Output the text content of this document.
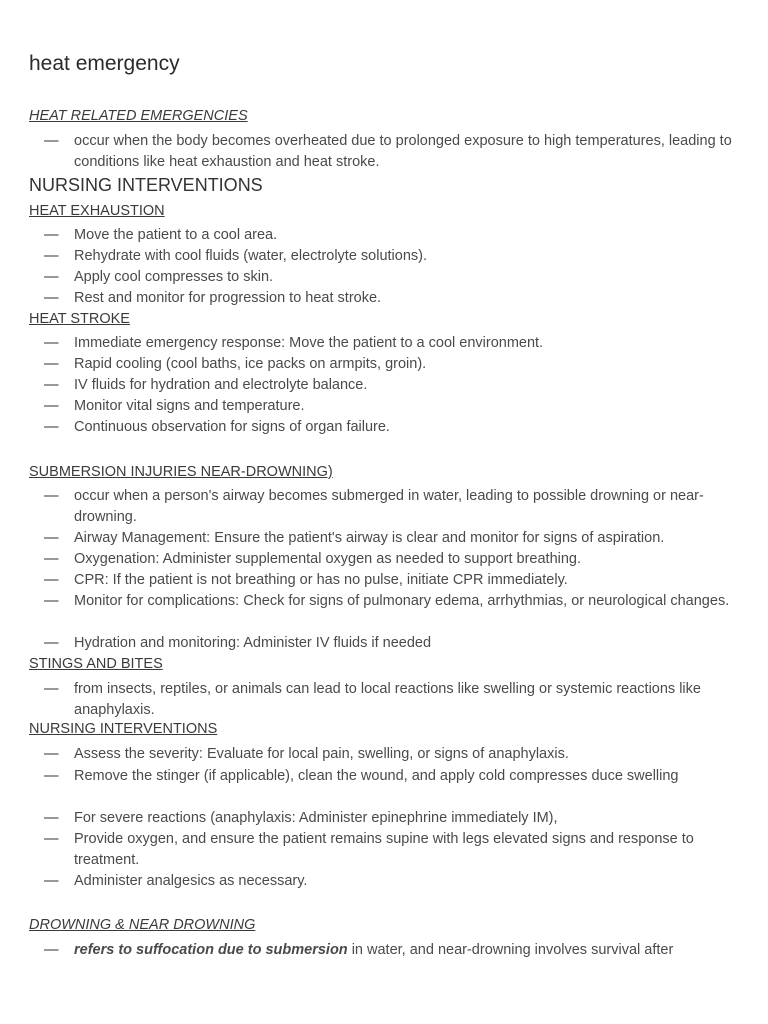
heat emergency
HEAT RELATED EMERGENCIES
—	occur when the body becomes overheated due to prolonged exposure to high temperatures, leading to conditions like heat exhaustion and heat stroke.
NURSING INTERVENTIONS
HEAT EXHAUSTION
—	Move the patient to a cool area.
—	Rehydrate with cool fluids (water, electrolyte solutions).
—	Apply cool compresses to skin.
—	Rest and monitor for progression to heat stroke.
HEAT STROKE
—	Immediate emergency response: Move the patient to a cool environment.
—	Rapid cooling (cool baths, ice packs on armpits, groin).
—	IV fluids for hydration and electrolyte balance.
—	Monitor vital signs and temperature.
—	Continuous observation for signs of organ failure.
SUBMERSION INJURIES NEAR-DROWNING)
—	occur when a person's airway becomes submerged in water, leading to possible drowning or near-drowning.
—	Airway Management: Ensure the patient's airway is clear and monitor for signs of aspiration.
—	Oxygenation: Administer supplemental oxygen as needed to support breathing.
—	CPR: If the patient is not breathing or has no pulse, initiate CPR immediately.
—	Monitor for complications: Check for signs of pulmonary edema, arrhythmias, or neurological changes.
—	Hydration and monitoring: Administer IV fluids if needed
STINGS AND BITES
—	from insects, reptiles, or animals can lead to local reactions like swelling or systemic reactions like anaphylaxis.
NURSING INTERVENTIONS
—	Assess the severity: Evaluate for local pain, swelling, or signs of anaphylaxis.
—	Remove the stinger (if applicable), clean the wound, and apply cold compresses duce swelling
—	For severe reactions (anaphylaxis: Administer epinephrine immediately IM),
—	Provide oxygen, and ensure the patient remains supine with legs elevated signs and response to treatment.
—	Administer analgesics as necessary.
DROWNING & NEAR DROWNING
—	refers to suffocation due to submersion in water, and near-drowning involves survival after
